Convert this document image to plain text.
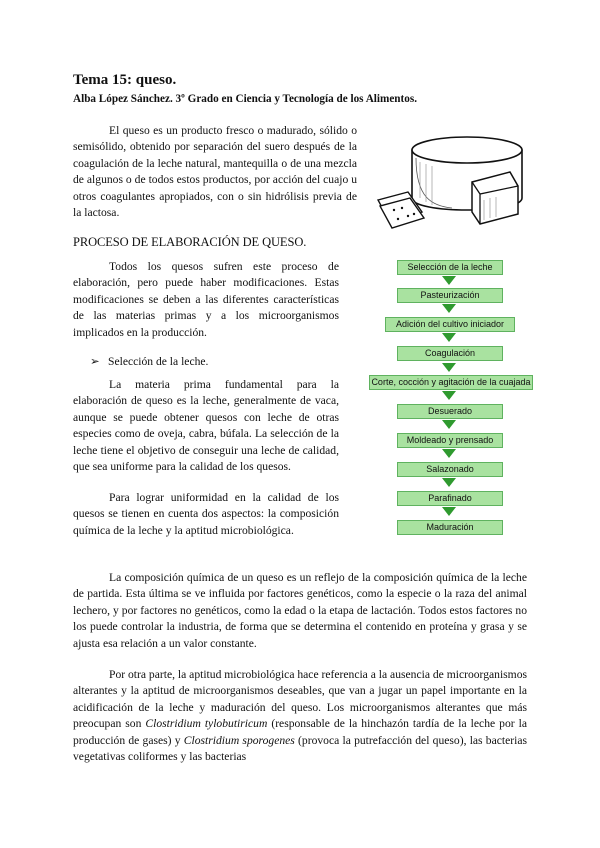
Tema 15: queso.
Alba López Sánchez. 3º Grado en Ciencia y Tecnología de los Alimentos.
El queso es un producto fresco o madurado, sólido o semisólido, obtenido por separación del suero después de la coagulación de la leche natural, mantequilla o de una mezcla de algunos o de todos estos productos, por acción del cuajo u otros coagulantes apropiados, con o sin hidrólisis previa de la lactosa.
PROCESO DE ELABORACIÓN DE QUESO.
Todos los quesos sufren este proceso de elaboración, pero puede haber modificaciones. Estas modificaciones se deben a las diferentes características de las materias primas y a los microorganismos implicados en la producción.
➢ Selección de la leche.
La materia prima fundamental para la elaboración de queso es la leche, generalmente de vaca, aunque se puede obtener quesos con leche de otras especies como de oveja, cabra, búfala. La selección de la leche tiene el objetivo de conseguir una leche de calidad, que sea uniforme para la calidad de los quesos.
Para lograr uniformidad en la calidad de los quesos se tienen en cuenta dos aspectos: la composición química de la leche y la aptitud microbiológica.
Selección de la leche
Pasteurización
Adición del cultivo iniciador
Coagulación
Corte, cocción y agitación de la cuajada
Desuerado
Moldeado y prensado
Salazonado
Parafinado
Maduración
La composición química de un queso es un reflejo de la composición química de la leche de partida. Esta última se ve influida por factores genéticos, como la especie o la raza del animal lechero, y por factores no genéticos, como la edad o la etapa de lactación. Todos estos factores no los puede controlar la industria, de forma que se determina el contenido en proteína y grasa y se ajusta esa relación a un valor constante.
Por otra parte, la aptitud microbiológica hace referencia a la ausencia de microorganismos alterantes y la aptitud de microorganismos deseables, que van a jugar un papel importante en la acidificación de la leche y maduración del queso. Los microorganismos alterantes que más preocupan son Clostridium tylobutiricum (responsable de la hinchazón tardía de la leche por la producción de gases) y Clostridium sporogenes (provoca la putrefacción del queso), las bacterias vegetativas coliformes y las bacterias
